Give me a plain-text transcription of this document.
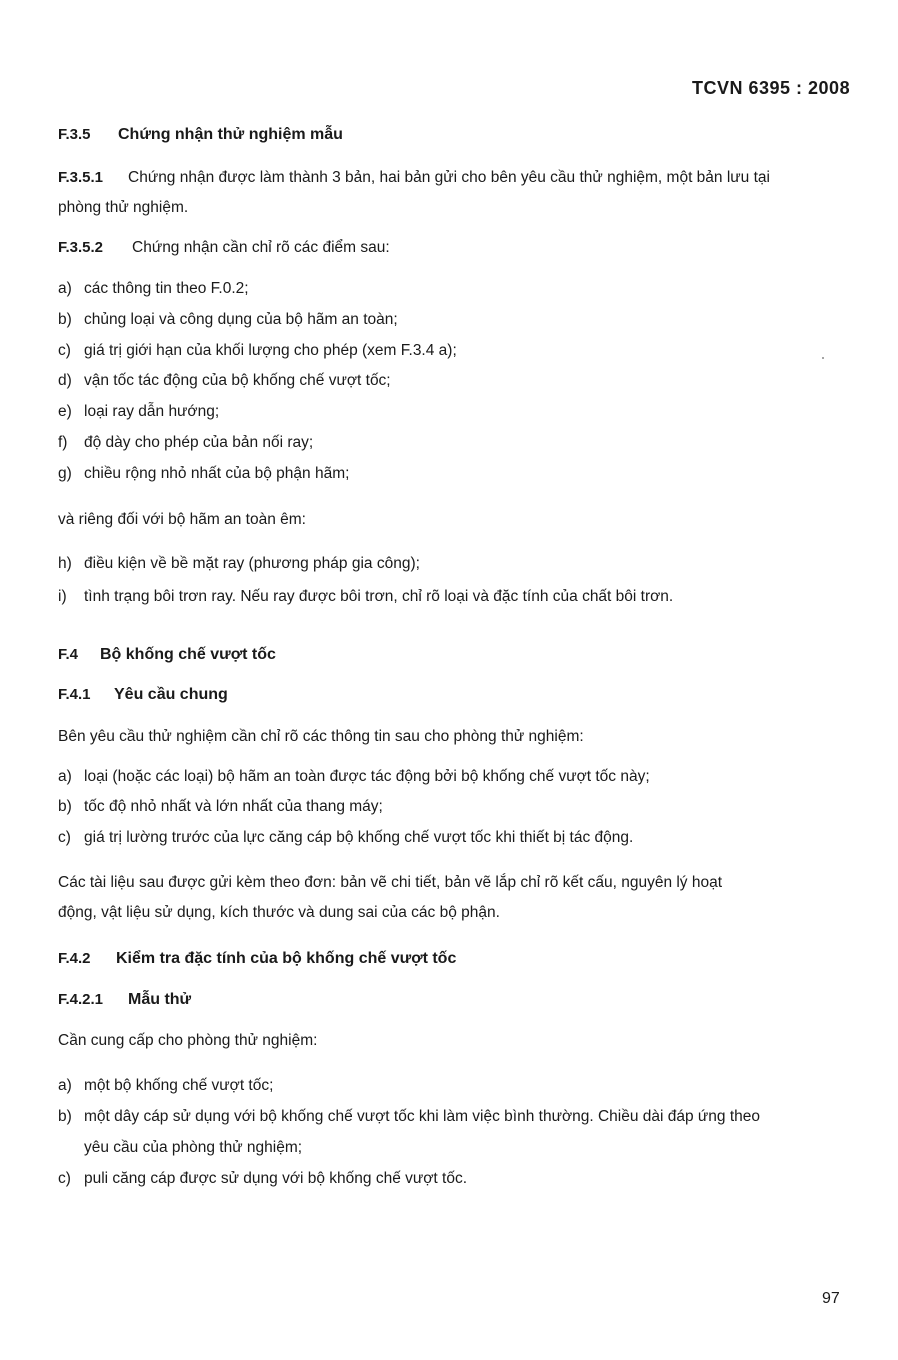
TCVN 6395 : 2008
F.3.5 Chứng nhận thử nghiệm mẫu
F.3.5.1 Chứng nhận được làm thành 3 bản, hai bản gửi cho bên yêu cầu thử nghiệm, một bản lưu tại
phòng thử nghiệm.
F.3.5.2 Chứng nhận cần chỉ rõ các điểm sau:
a) các thông tin theo F.0.2;
b) chủng loại và công dụng của bộ hãm an toàn;
c) giá trị giới hạn của khối lượng cho phép (xem F.3.4 a);
d) vận tốc tác động của bộ khống chế vượt tốc;
e) loại ray dẫn hướng;
f) độ dày cho phép của bản nối ray;
g) chiều rộng nhỏ nhất của bộ phận hãm;
và riêng đối với bộ hãm an toàn êm:
h) điều kiện về bề mặt ray (phương pháp gia công);
i) tình trạng bôi trơn ray. Nếu ray được bôi trơn, chỉ rõ loại và đặc tính của chất bôi trơn.
F.4 Bộ khống chế vượt tốc
F.4.1 Yêu cầu chung
Bên yêu cầu thử nghiệm cần chỉ rõ các thông tin sau cho phòng thử nghiệm:
a) loại (hoặc các loại) bộ hãm an toàn được tác động bởi bộ khống chế vượt tốc này;
b) tốc độ nhỏ nhất và lớn nhất của thang máy;
c) giá trị lường trước của lực căng cáp bộ khống chế vượt tốc khi thiết bị tác động.
Các tài liệu sau được gửi kèm theo đơn: bản vẽ chi tiết, bản vẽ lắp chỉ rõ kết cấu, nguyên lý hoạt
động, vật liệu sử dụng, kích thước và dung sai của các bộ phận.
F.4.2 Kiểm tra đặc tính của bộ khống chế vượt tốc
F.4.2.1 Mẫu thử
Cần cung cấp cho phòng thử nghiệm:
a) một bộ khống chế vượt tốc;
b) một dây cáp sử dụng với bộ khống chế vượt tốc khi làm việc bình thường. Chiều dài đáp ứng theo
yêu cầu của phòng thử nghiệm;
c) puli căng cáp được sử dụng với bộ khống chế vượt tốc.
97
